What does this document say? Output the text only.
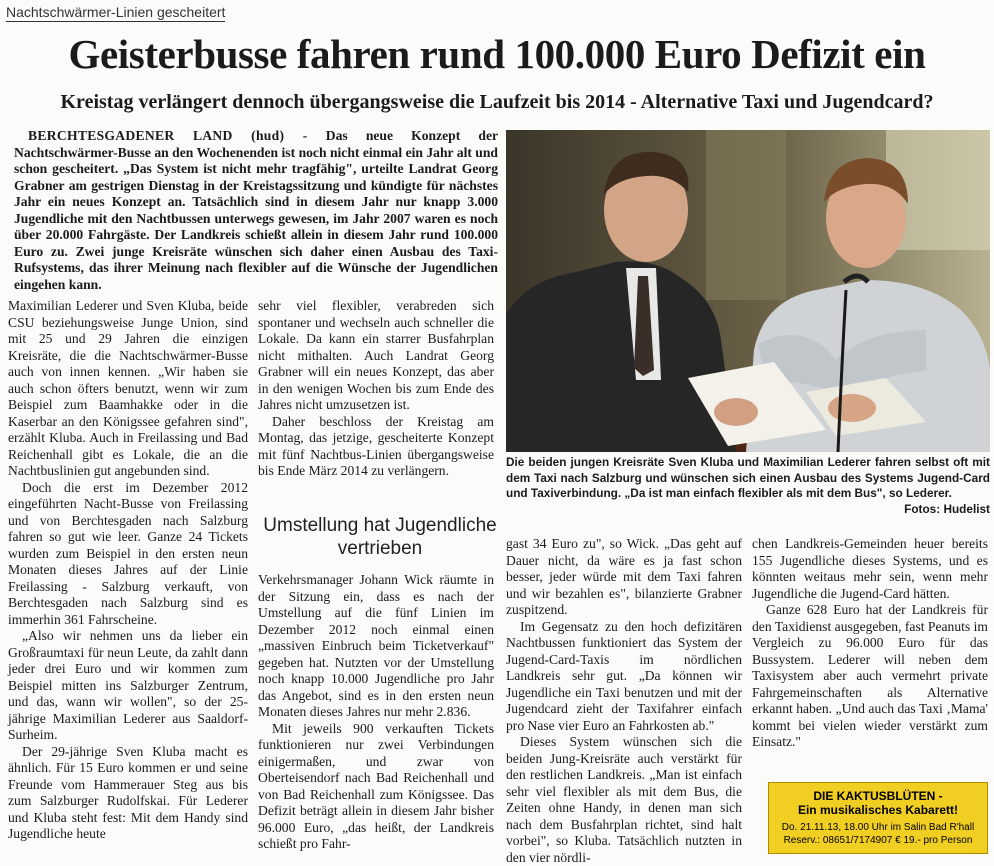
Nachtschwärmer-Linien gescheitert
Geisterbusse fahren rund 100.000 Euro Defizit ein
Kreistag verlängert dennoch übergangsweise die Laufzeit bis 2014 - Alternative Taxi und Jugendcard?

BERCHTESGADENER LAND (hud) - Das neue Konzept der Nachtschwärmer-Busse an den Wochenenden ist noch nicht einmal ein Jahr alt und schon gescheitert. „Das System ist nicht mehr tragfähig", urteilte Landrat Georg Grabner am gestrigen Dienstag in der Kreistagssitzung und kündigte für nächstes Jahr ein neues Konzept an. Tatsächlich sind in diesem Jahr nur knapp 3.000 Jugendliche mit den Nachtbussen unterwegs gewesen, im Jahr 2007 waren es noch über 20.000 Fahrgäste. Der Landkreis schießt allein in diesem Jahr rund 100.000 Euro zu. Zwei junge Kreisräte wünschen sich daher einen Ausbau des Taxi-Rufsystems, das ihrer Meinung nach flexibler auf die Wünsche der Jugendlichen eingehen kann.

Maximilian Lederer und Sven Kluba, beide CSU beziehungsweise Junge Union, sind mit 25 und 29 Jahren die einzigen Kreisräte, die die Nachtschwärmer-Busse auch von innen kennen. „Wir haben sie auch schon öfters benutzt, wenn wir zum Beispiel zum Baamhakke oder in die Kaserbar an den Königssee gefahren sind", erzählt Kluba. Auch in Freilassing und Bad Reichenhall gibt es Lokale, die an die Nachtbuslinien gut angebunden sind.

Doch die erst im Dezember 2012 eingeführten Nacht-Busse von Freilassing und von Berchtesgaden nach Salzburg fahren so gut wie leer. Ganze 24 Tickets wurden zum Beispiel in den ersten neun Monaten dieses Jahres auf der Linie Freilassing - Salzburg verkauft, von Berchtesgaden nach Salzburg sind es immerhin 361 Fahrscheine.

„Also wir nehmen uns da lieber ein Großraumtaxi für neun Leute, da zahlt dann jeder drei Euro und wir kommen zum Beispiel mitten ins Salzburger Zentrum, und das, wann wir wollen", so der 25-jährige Maximilian Lederer aus Saaldorf-Surheim.

Der 29-jährige Sven Kluba macht es ähnlich. Für 15 Euro kommen er und seine Freunde vom Hammerauer Steg aus bis zum Salzburger Rudolfskai. Für Lederer und Kluba steht fest: Mit dem Handy sind Jugendliche heute

sehr viel flexibler, verabreden sich spontaner und wechseln auch schneller die Lokale. Da kann ein starrer Busfahrplan nicht mithalten. Auch Landrat Georg Grabner will ein neues Konzept, das aber in den wenigen Wochen bis zum Ende des Jahres nicht umzusetzen ist.

Daher beschloss der Kreistag am Montag, das jetzige, gescheiterte Konzept mit fünf Nachtbus-Linien übergangsweise bis Ende März 2014 zu verlängern.

Umstellung hat Jugendliche vertrieben

Verkehrsmanager Johann Wick räumte in der Sitzung ein, dass es nach der Umstellung auf die fünf Linien im Dezember 2012 noch einmal einen „massiven Einbruch beim Ticketverkauf" gegeben hat. Nutzten vor der Umstellung noch knapp 10.000 Jugendliche pro Jahr das Angebot, sind es in den ersten neun Monaten dieses Jahres nur mehr 2.836.

Mit jeweils 900 verkauften Tickets funktionieren nur zwei Verbindungen einigermaßen, und zwar von Oberteisendorf nach Bad Reichenhall und von Bad Reichenhall zum Königssee. Das Defizit beträgt allein in diesem Jahr bisher 96.000 Euro, „das heißt, der Landkreis schießt pro Fahr-

gast 34 Euro zu", so Wick. „Das geht auf Dauer nicht, da wäre es ja fast schon besser, jeder würde mit dem Taxi fahren und wir bezahlen es", bilanzierte Grabner zuspitzend.

Im Gegensatz zu den hoch defizitären Nachtbussen funktioniert das System der Jugend-Card-Taxis im nördlichen Landkreis sehr gut. „Da können wir Jugendliche ein Taxi benutzen und mit der Jugendcard zieht der Taxifahrer einfach pro Nase vier Euro an Fahrkosten ab."

Dieses System wünschen sich die beiden Jung-Kreisräte auch verstärkt für den restlichen Landkreis. „Man ist einfach sehr viel flexibler als mit dem Bus, die Zeiten ohne Handy, in denen man sich nach dem Busfahrplan richtet, sind halt vorbei", so Kluba. Tatsächlich nutzten in den vier nördli-

chen Landkreis-Gemeinden heuer bereits 155 Jugendliche dieses Systems, und es könnten weitaus mehr sein, wenn mehr Jugendliche die Jugend-Card hätten.

Ganze 628 Euro hat der Landkreis für den Taxidienst ausgegeben, fast Peanuts im Vergleich zu 96.000 Euro für das Bussystem. Lederer will neben dem Taxisystem aber auch vermehrt private Fahrgemeinschaften als Alternative erkannt haben. „Und auch das Taxi ‚Mama' kommt bei vielen wieder verstärkt zum Einsatz."

Die beiden jungen Kreisräte Sven Kluba und Maximilian Lederer fahren selbst oft mit dem Taxi nach Salzburg und wünschen sich einen Ausbau des Systems Jugend-Card und Taxiverbindung. „Da ist man einfach flexibler als mit dem Bus", so Lederer.
Fotos: Hudelist
DIE KAKTUSBLÜTEN -
Ein musikalisches Kabarett!
Do. 21.11.13, 18.00 Uhr im Salin Bad R'hall
Reserv.: 08651/7174907 € 19.- pro Person
